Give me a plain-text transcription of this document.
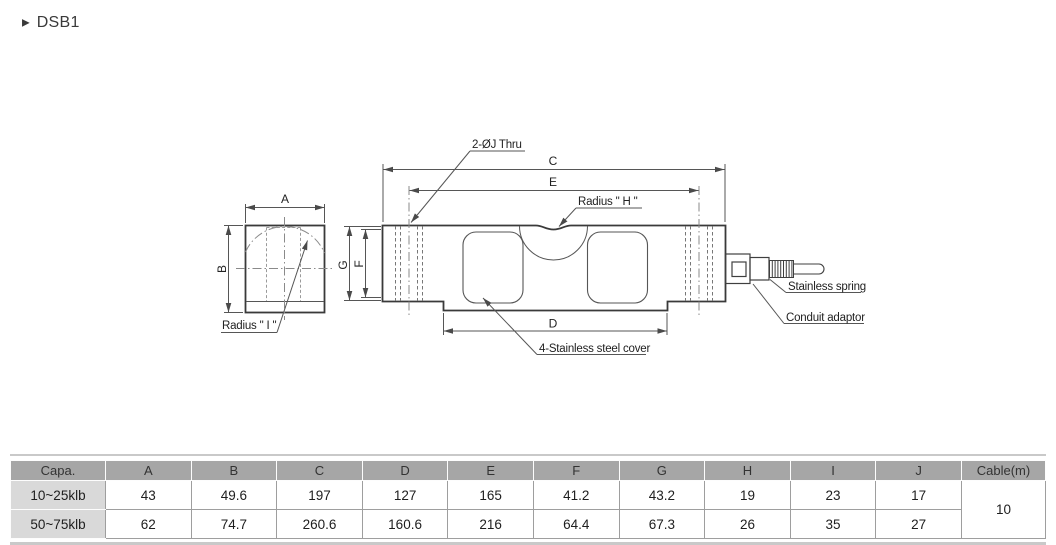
▶ DSB1
A
B
Radius " I "
C
E
2-ØJ Thru
Radius " H "
G F
D
4-Stainless steel cover
Stainless spring
Conduit adaptor
Capa.	A	B	C	D	E	F	G	H	I	J	Cable(m)
10~25klb	43	49.6	197	127	165	41.2	43.2	19	23	17	10
50~75klb	62	74.7	260.6	160.6	216	64.4	67.3	26	35	27	
